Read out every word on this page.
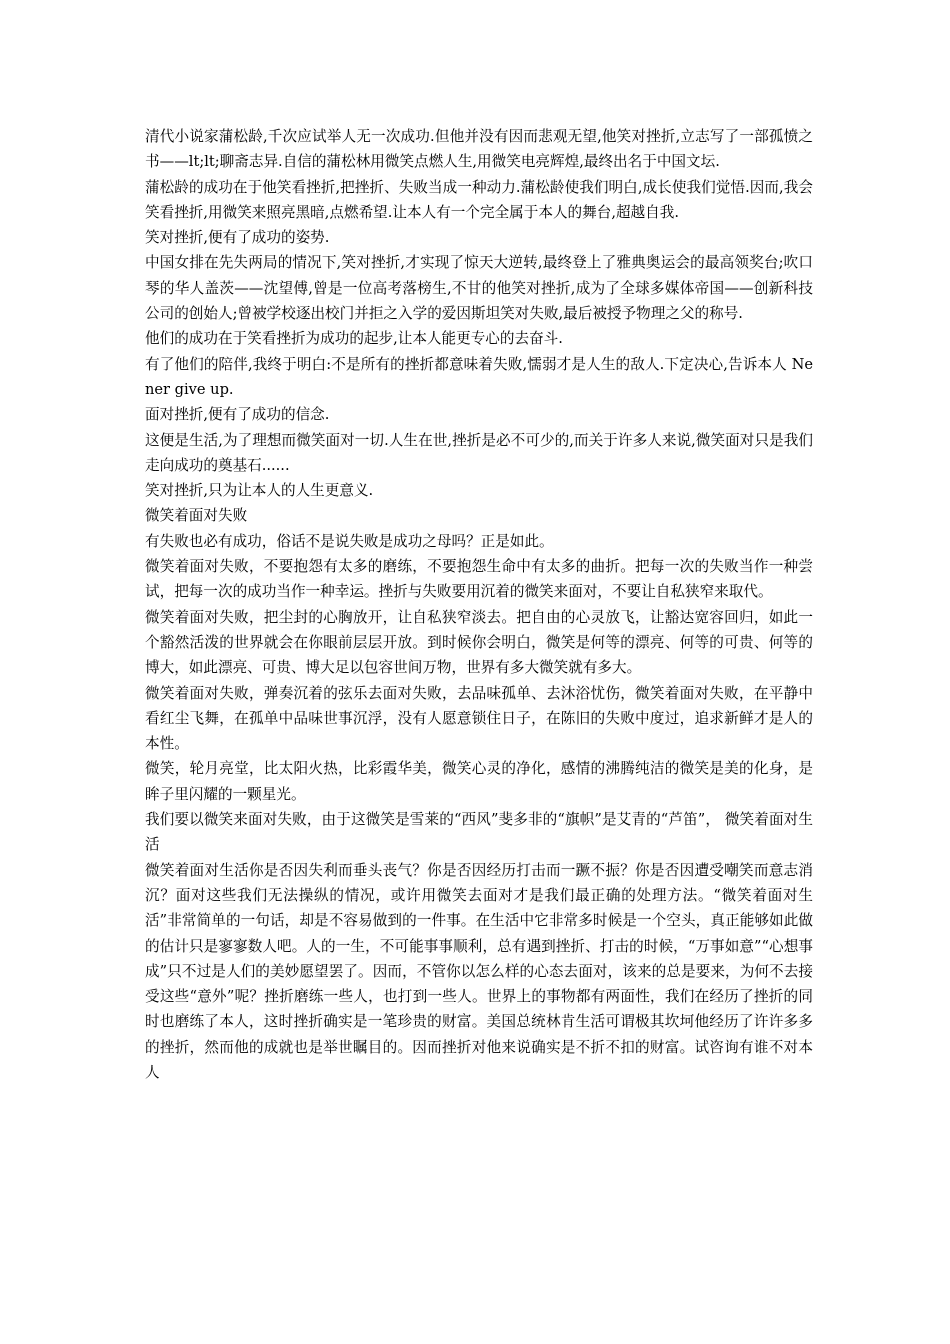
清代小说家蒲松龄,千次应试举人无一次成功.但他并没有因而悲观无望,他笑对挫折,立志写了一部孤愤之书——lt;lt;聊斋志异.自信的蒲松林用微笑点燃人生,用微笑电亮辉煌,最终出名于中国文坛.

蒲松龄的成功在于他笑看挫折,把挫折、失败当成一种动力.蒲松龄使我们明白,成长使我们觉悟.因而,我会笑看挫折,用微笑来照亮黑暗,点燃希望.让本人有一个完全属于本人的舞台,超越自我.

笑对挫折,便有了成功的姿势.

中国女排在先失两局的情况下,笑对挫折,才实现了惊天大逆转,最终登上了雅典奥运会的最高领奖台;吹口琴的华人盖茨——沈望傅,曾是一位高考落榜生,不甘的他笑对挫折,成为了全球多媒体帝国——创新科技公司的创始人;曾被学校逐出校门并拒之入学的爱因斯坦笑对失败,最后被授予物理之父的称号.

他们的成功在于笑看挫折为成功的起步,让本人能更专心的去奋斗.

有了他们的陪伴,我终于明白:不是所有的挫折都意味着失败,懦弱才是人生的敌人.下定决心,告诉本人 Nener give up.

面对挫折,便有了成功的信念.

这便是生活,为了理想而微笑面对一切.人生在世,挫折是必不可少的,而关于许多人来说,微笑面对只是我们走向成功的奠基石......

笑对挫折,只为让本人的人生更意义.

微笑着面对失败

有失败也必有成功，俗话不是说失败是成功之母吗？正是如此。

微笑着面对失败，不要抱怨有太多的磨练，不要抱怨生命中有太多的曲折。把每一次的失败当作一种尝试，把每一次的成功当作一种幸运。挫折与失败要用沉着的微笑来面对，不要让自私狭窄来取代。

微笑着面对失败，把尘封的心胸放开，让自私狭窄淡去。把自由的心灵放飞，让豁达宽容回归，如此一个豁然活泼的世界就会在你眼前层层开放。到时候你会明白，微笑是何等的漂亮、何等的可贵、何等的博大，如此漂亮、可贵、博大足以包容世间万物，世界有多大微笑就有多大。

微笑着面对失败，弹奏沉着的弦乐去面对失败，去品味孤单、去沐浴忧伤，微笑着面对失败，在平静中看红尘飞舞，在孤单中品味世事沉浮，没有人愿意锁住日子，在陈旧的失败中度过，追求新鲜才是人的本性。

微笑，轮月亮堂，比太阳火热，比彩霞华美，微笑心灵的净化，感情的沸腾纯洁的微笑是美的化身，是眸子里闪耀的一颗星光。

我们要以微笑来面对失败，由于这微笑是雪莱的“西风”斐多非的“旗帜”是艾青的“芦笛”， 微笑着面对生活

微笑着面对生活你是否因失利而垂头丧气？你是否因经历打击而一蹶不振？你是否因遭受嘲笑而意志消沉？面对这些我们无法操纵的情况，或许用微笑去面对才是我们最正确的处理方法。“微笑着面对生活”非常简单的一句话，却是不容易做到的一件事。在生活中它非常多时候是一个空头，真正能够如此做的估计只是寥寥数人吧。人的一生，不可能事事顺利，总有遇到挫折、打击的时候，“万事如意”“心想事成”只不过是人们的美妙愿望罢了。因而，不管你以怎么样的心态去面对，该来的总是要来，为何不去接受这些“意外”呢？挫折磨练一些人，也打到一些人。世界上的事物都有两面性，我们在经历了挫折的同时也磨练了本人，这时挫折确实是一笔珍贵的财富。美国总统林肯生活可谓极其坎坷他经历了许许多多的挫折，然而他的成就也是举世瞩目的。因而挫折对他来说确实是不折不扣的财富。试咨询有谁不对本人
